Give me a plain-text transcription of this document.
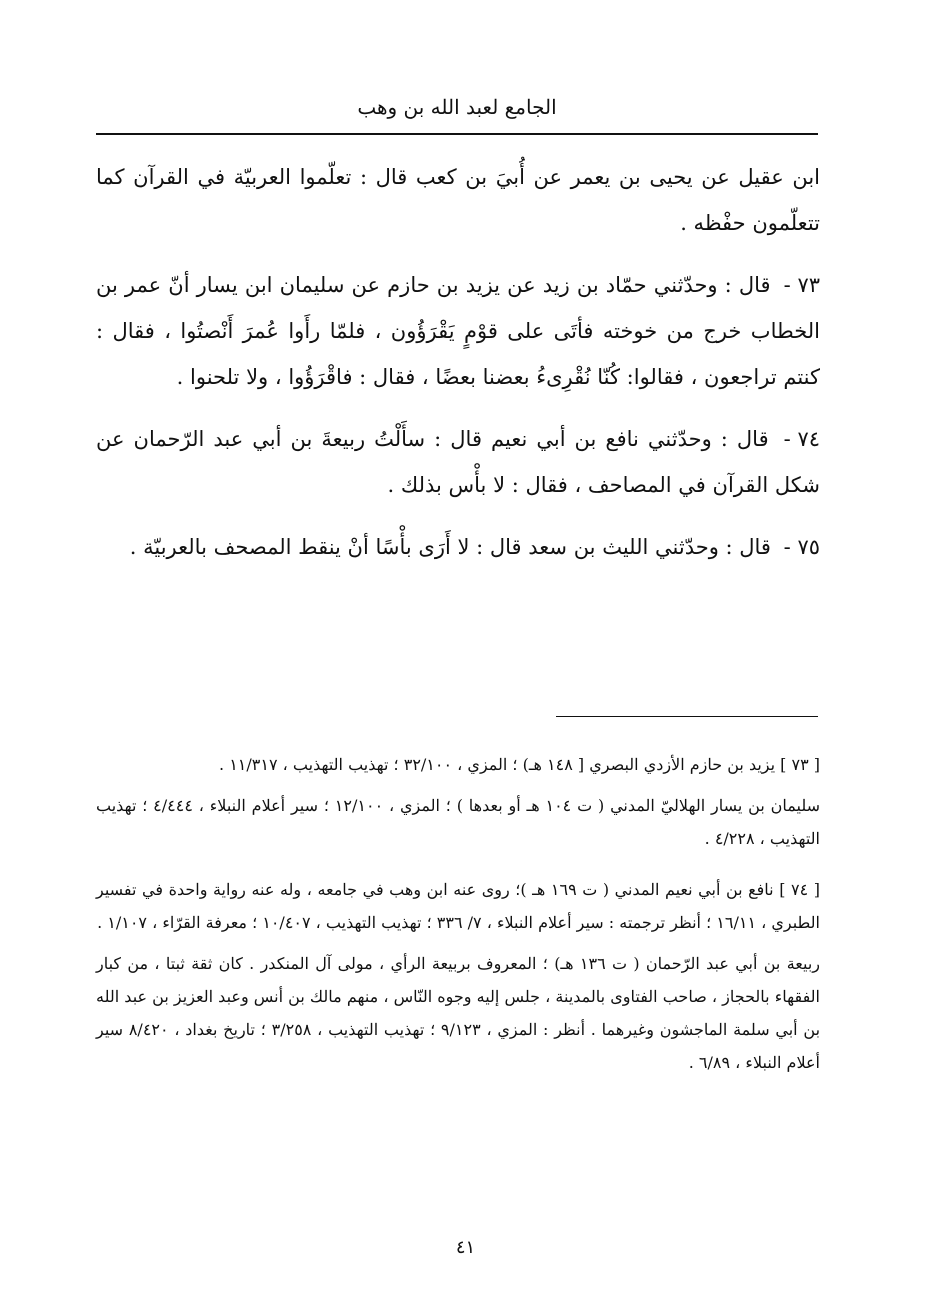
الجامع لعبد الله بن وهب

ابن عقيل عن يحيى بن يعمر عن أُبيَ بن كعب قال : تعلّموا العربيّة في القرآن كما تتعلّمون حفْظه .

٧٣ - قال : وحدّثني حمّاد بن زيد عن يزيد بن حازم عن سليمان ابن يسار أنّ عمر بن الخطاب خرج من خوخته فأتَى على قوْمٍ يَقْرَؤُون ، فلمّا رأَوا عُمرَ أَنْصتُوا ، فقال : كنتم تراجعون ، فقالوا: كُنّا نُقْرِىءُ بعضنا بعضًا ، فقال : فاقْرَؤُوا ، ولا تلحنوا .

٧٤ - قال : وحدّثني نافع بن أبي نعيم قال : سأَلْتُ ربيعةَ بن أبي عبد الرّحمان عن شكل القرآن في المصاحف ، فقال : لا بأْس بذلك .

٧٥ - قال : وحدّثني الليث بن سعد قال : لا أَرَى بأْسًا أنْ ينقط المصحف بالعربيّة .

[ ٧٣ ] يزيد بن حازم الأزدي البصري [ ١٤٨ هـ) ؛ المزي ، ٣٢/١٠٠ ؛ تهذيب التهذيب ، ١١/٣١٧ .

سليمان بن يسار الهلاليّ المدني ( ت ١٠٤ هـ أو بعدها ) ؛ المزي ، ١٢/١٠٠ ؛ سير أعلام النبلاء ، ٤/٤٤٤ ؛ تهذيب التهذيب ، ٤/٢٢٨ .

[ ٧٤ ] نافع بن أبي نعيم المدني ( ت ١٦٩ هـ )؛ روى عنه ابن وهب في جامعه ، وله عنه رواية واحدة في تفسير الطبري ، ١٦/١١ ؛ أنظر ترجمته : سير أعلام النبلاء ، ٧/ ٣٣٦ ؛ تهذيب التهذيب ، ١٠/٤٠٧ ؛ معرفة القرّاء ، ١/١٠٧ .

ربيعة بن أبي عبد الرّحمان ( ت ١٣٦ هـ) ؛ المعروف بربيعة الرأي ، مولى آل المنكدر . كان ثقة ثبتا ، من كبار الفقهاء بالحجاز ، صاحب الفتاوى بالمدينة ، جلس إليه وجوه النّاس ، منهم مالك بن أنس وعبد العزيز بن عبد الله بن أبي سلمة الماجشون وغيرهما . أنظر : المزي ، ٩/١٢٣ ؛ تهذيب التهذيب ، ٣/٢٥٨ ؛ تاريخ بغداد ، ٨/٤٢٠ سير أعلام النبلاء ، ٦/٨٩ .

٤١
